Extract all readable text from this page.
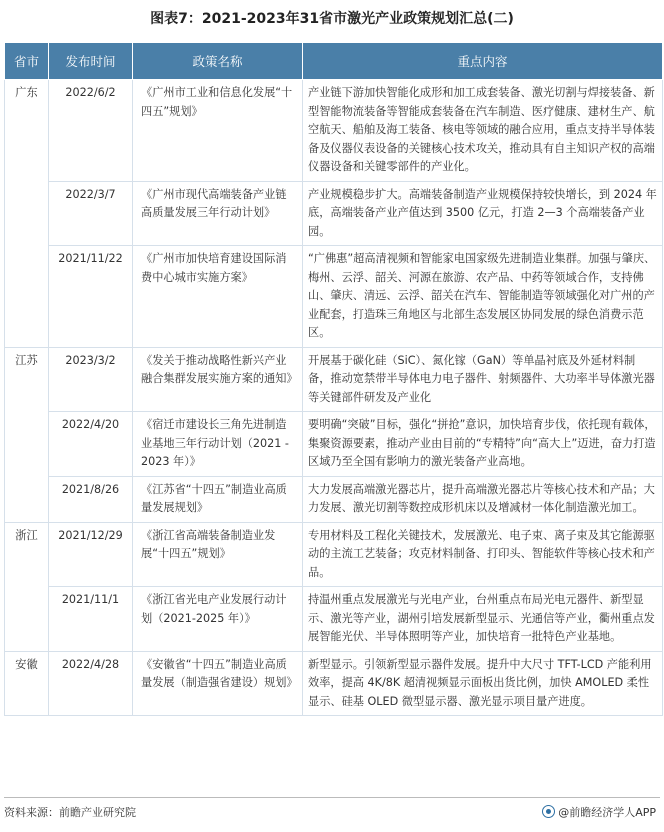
图表7：2021-2023年31省市激光产业政策规划汇总(二)
省市	发布时间	政策名称	重点内容
广东	2022/6/2	《广州市工业和信息化发展“十四五”规划》	产业链下游加快智能化成形和加工成套装备、激光切割与焊接装备、新型智能物流装备等智能成套装备在汽车制造、医疗健康、建材生产、航空航天、船舶及海工装备、核电等领域的融合应用，重点支持半导体装备及仪器仪表设备的关键核心技术攻关，推动具有自主知识产权的高端仪器设备和关键零部件的产业化。
	2022/3/7	《广州市现代高端装备产业链高质量发展三年行动计划》	产业规模稳步扩大。高端装备制造产业规模保持较快增长，到 2024 年底，高端装备产业产值达到 3500 亿元，打造 2—3 个高端装备产业园。
	2021/11/22	《广州市加快培育建设国际消费中心城市实施方案》	“广佛惠”超高清视频和智能家电国家级先进制造业集群。加强与肇庆、梅州、云浮、韶关、河源在旅游、农产品、中药等领域合作，支持佛山、肇庆、清远、云浮、韶关在汽车、智能制造等领域强化对广州的产业配套，打造珠三角地区与北部生态发展区协同发展的绿色消费示范区。
江苏	2023/3/2	《发关于推动战略性新兴产业融合集群发展实施方案的通知》	开展基于碳化硅（SiC）、氮化镓（GaN）等单晶衬底及外延材料制备，推动宽禁带半导体电力电子器件、射频器件、大功率半导体激光器等关键部件研发及产业化
	2022/4/20	《宿迁市建设长三角先进制造业基地三年行动计划（2021 - 2023 年）》	要明确“突破”目标，强化“拼抢”意识，加快培育步伐，依托现有载体，集聚资源要素，推动产业由目前的“专精特”向“高大上”迈进，奋力打造区域乃至全国有影响力的激光装备产业高地。
	2021/8/26	《江苏省“十四五”制造业高质量发展规划》	大力发展高端激光器芯片，提升高端激光器芯片等核心技术和产品；大力发展、激光切割等数控成形机床以及增减材一体化制造激光加工。
浙江	2021/12/29	《浙江省高端装备制造业发展“十四五”规划》	专用材料及工程化关键技术，发展激光、电子束、离子束及其它能源驱动的主流工艺装备；攻克材料制备、打印头、智能软件等核心技术和产品。
	2021/11/1	《浙江省光电产业发展行动计划（2021-2025 年）》	持温州重点发展激光与光电产业，台州重点布局光电元器件、新型显示、激光等产业，湖州引培发展新型显示、光通信等产业，衢州重点发展智能光伏、半导体照明等产业，加快培育一批特色产业基地。
安徽	2022/4/28	《安徽省“十四五”制造业高质量发展（制造强省建设）规划》	新型显示。引领新型显示器件发展。提升中大尺寸 TFT-LCD 产能利用效率，提高 4K/8K 超清视频显示面板出货比例，加快 AMOLED 柔性显示、硅基 OLED 微型显示器、激光显示项目量产进度。
资料来源：前瞻产业研究院	@前瞻经济学人APP
